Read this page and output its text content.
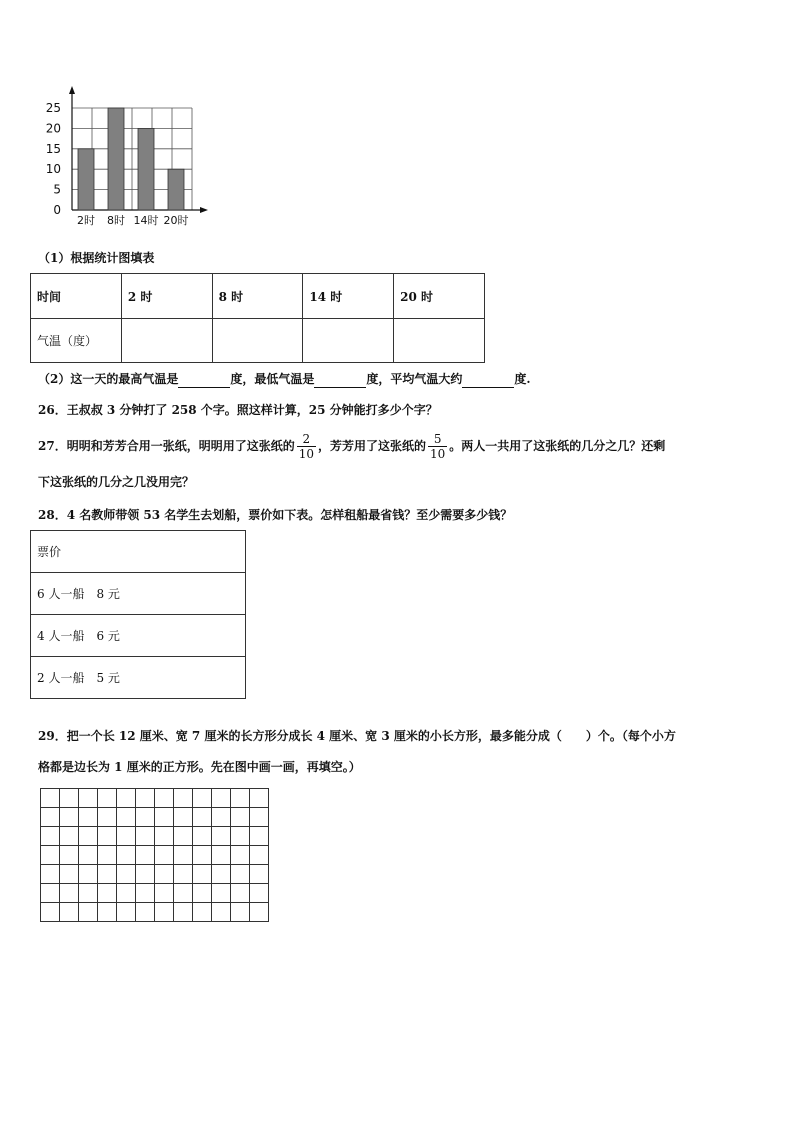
0
5
10
15
20
25
2时 8时 14时 20时
（1）根据统计图填表
时间	2 时	8 时	14 时	20 时
气温（度）				
（2）这一天的最高气温是	度，最低气温是	度，平均气温大约	度.
26．王叔叔 3 分钟打了 258 个字。照这样计算，25 分钟能打多少个字？
27．明明和芳芳合用一张纸，明明用了这张纸的 $\frac{2}{10}$ ，芳芳用了这张纸的 $\frac{5}{10}$ 。两人一共用了这张纸的几分之几？还剩
下这张纸的几分之几没用完？
28．4 名教师带领 53 名学生去划船，票价如下表。怎样租船最省钱？至少需要多少钱？
票价
6 人一船　8 元
4 人一船　6 元
2 人一船　5 元
29．把一个长 12 厘米、宽 7 厘米的长方形分成长 4 厘米、宽 3 厘米的小长方形，最多能分成（　　）个。（每个小方
格都是边长为 1 厘米的正方形。先在图中画一画，再填空。）
